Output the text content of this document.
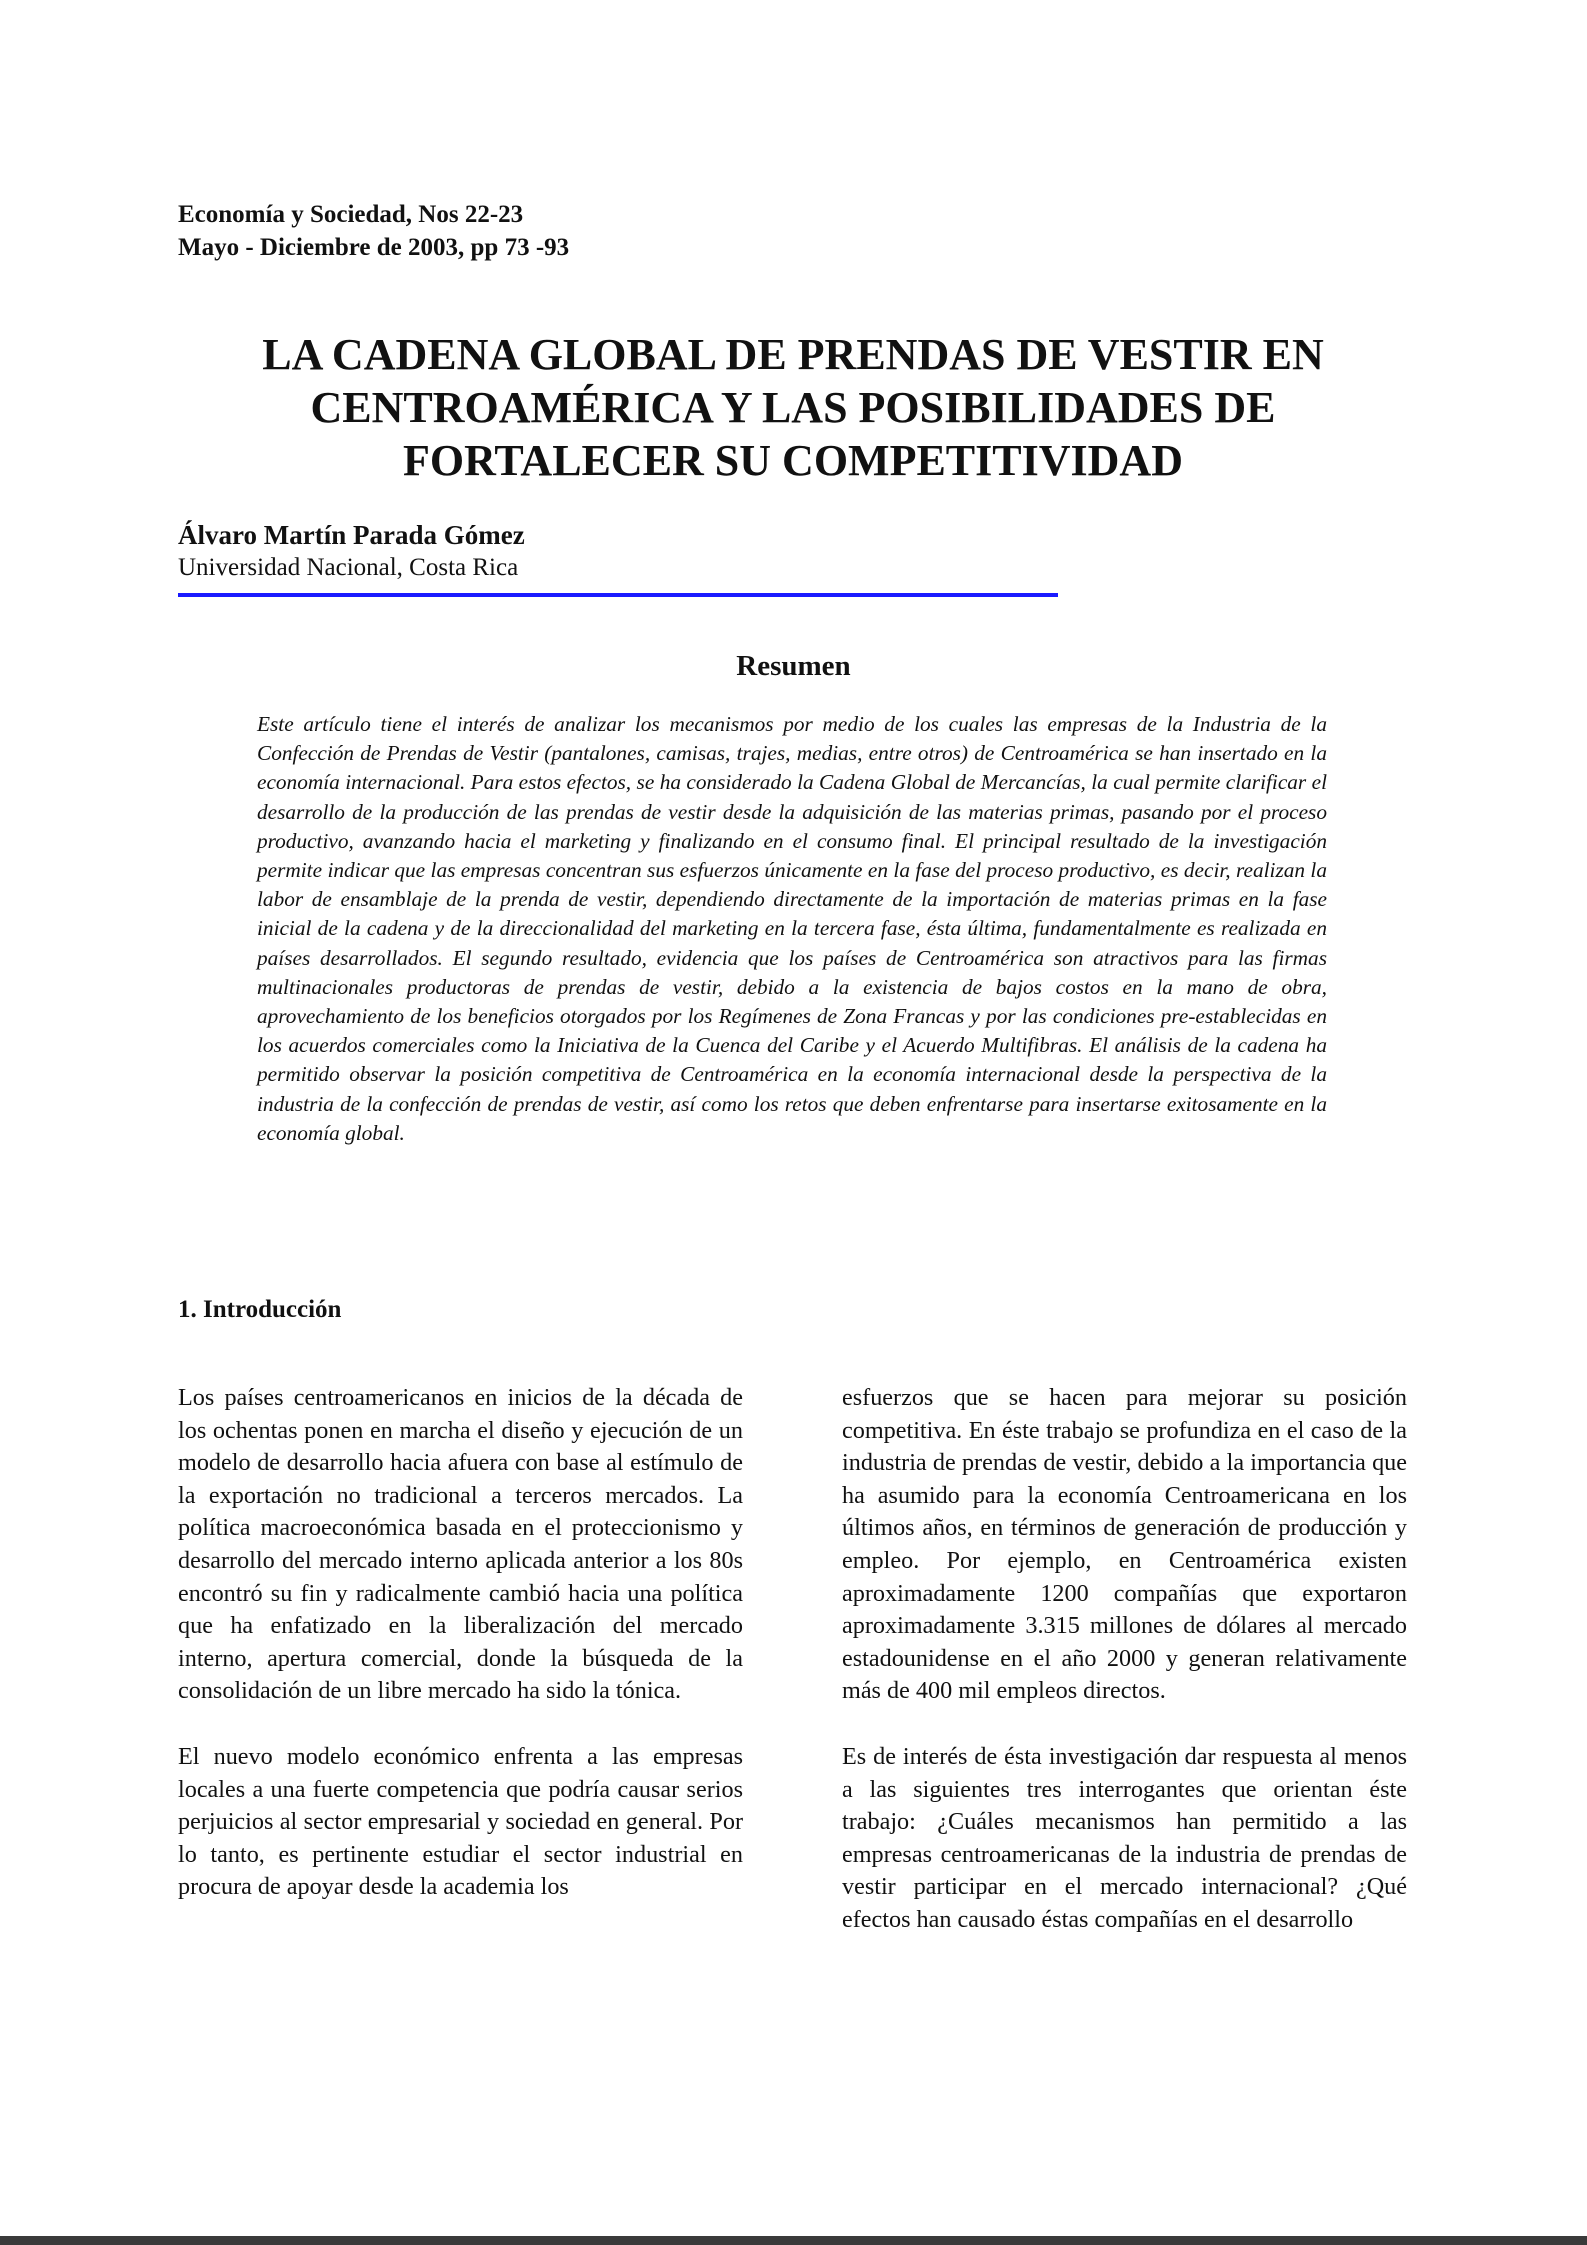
Economía y Sociedad, Nos 22-23
Mayo - Diciembre de 2003, pp 73 -93
LA CADENA GLOBAL DE PRENDAS DE VESTIR EN
CENTROAMÉRICA Y LAS POSIBILIDADES DE
FORTALECER SU COMPETITIVIDAD
Álvaro Martín Parada Gómez
Universidad Nacional, Costa Rica
Resumen
Este artículo tiene el interés de analizar los mecanismos por medio de los cuales las empresas de la Industria de la Confección de Prendas de Vestir (pantalones, camisas, trajes, medias, entre otros) de Centroamérica se han insertado en la economía internacional. Para estos efectos, se ha considerado la Cadena Global de Mercancías, la cual permite clarificar el desarrollo de la producción de las prendas de vestir desde la adquisición de las materias primas, pasando por el proceso productivo, avanzando hacia el marketing y finalizando en el consumo final. El principal resultado de la investigación permite indicar que las empresas concentran sus esfuerzos únicamente en la fase del proceso productivo, es decir, realizan la labor de ensamblaje de la prenda de vestir, dependiendo directamente de la importación de materias primas en la fase inicial de la cadena y de la direccionalidad del marketing en la tercera fase, ésta última, fundamentalmente es realizada en países desarrollados. El segundo resultado, evidencia que los países de Centroamérica son atractivos para las firmas multinacionales productoras de prendas de vestir, debido a la existencia de bajos costos en la mano de obra, aprovechamiento de los beneficios otorgados por los Regímenes de Zona Francas y por las condiciones pre-establecidas en los acuerdos comerciales como la Iniciativa de la Cuenca del Caribe y el Acuerdo Multifibras. El análisis de la cadena ha permitido observar la posición competitiva de Centroamérica en la economía internacional desde la perspectiva de la industria de la confección de prendas de vestir, así como los retos que deben enfrentarse para insertarse exitosamente en la economía global.
1. Introducción

Los países centroamericanos en inicios de la década de los ochentas ponen en marcha el diseño y ejecución de un modelo de desarrollo hacia afuera con base al estímulo de la exportación no tradicional a terceros mercados. La política macroeconómica basada en el proteccionismo y desarrollo del mercado interno aplicada anterior a los 80s encontró su fin y radicalmente cambió hacia una política que ha enfatizado en la liberalización del mercado interno, apertura comercial, donde la búsqueda de la consolidación de un libre mercado ha sido la tónica.

El nuevo modelo económico enfrenta a las empresas locales a una fuerte competencia que podría causar serios perjuicios al sector empresarial y sociedad en general. Por lo tanto, es pertinente estudiar el sector industrial en procura de apoyar desde la academia los

esfuerzos que se hacen para mejorar su posición competitiva. En éste trabajo se profundiza en el caso de la industria de prendas de vestir, debido a la importancia que ha asumido para la economía Centroamericana en los últimos años, en términos de generación de producción y empleo. Por ejemplo, en Centroamérica existen aproximadamente 1200 compañías que exportaron aproximadamente 3.315 millones de dólares al mercado estadounidense en el año 2000 y generan relativamente más de 400 mil empleos directos.

Es de interés de ésta investigación dar respuesta al menos a las siguientes tres interrogantes que orientan éste trabajo: ¿Cuáles mecanismos han permitido a las empresas centroamericanas de la industria de prendas de vestir participar en el mercado internacional? ¿Qué efectos han causado éstas compañías en el desarrollo
